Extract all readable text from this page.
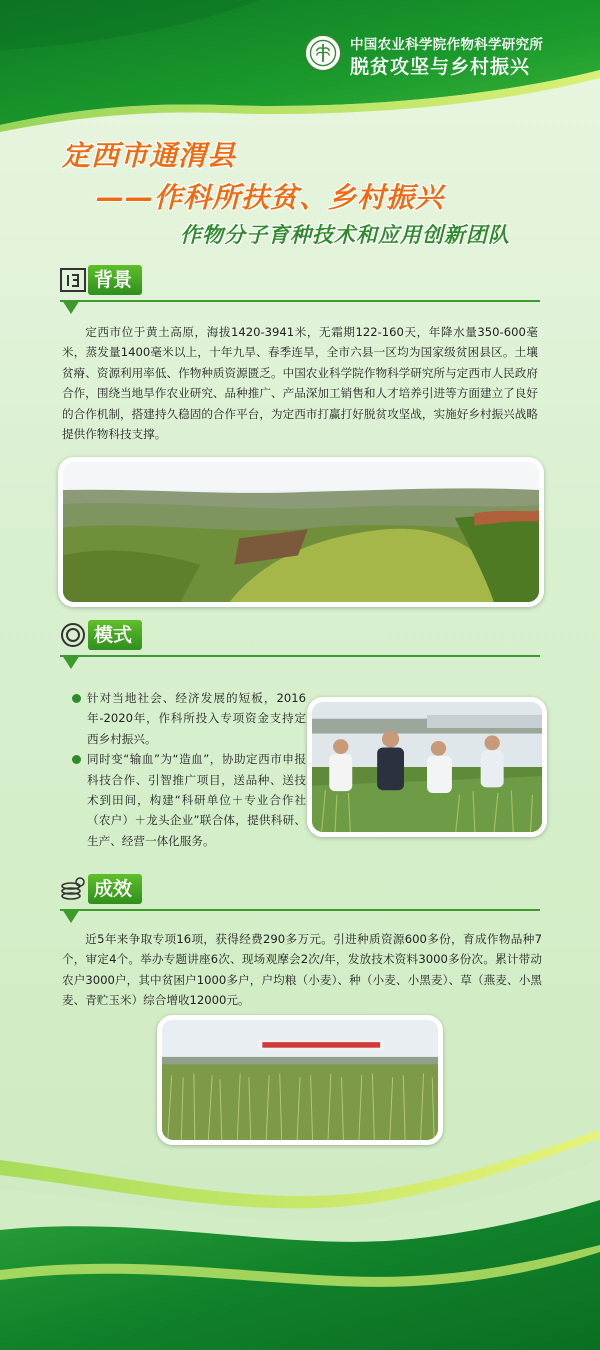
中国农业科学院作物科学研究所
脱贫攻坚与乡村振兴
定西市通渭县
——作科所扶贫、乡村振兴
作物分子育种技术和应用创新团队
背景

定西市位于黄土高原，海拔1420-3941米，无霜期122-160天，年降水量350-600毫米，蒸发量1400毫米以上，十年九旱、春季连旱，全市六县一区均为国家级贫困县区。土壤贫瘠、资源利用率低、作物种质资源匮乏。中国农业科学院作物科学研究所与定西市人民政府合作，围绕当地旱作农业研究、品种推广、产品深加工销售和人才培养引进等方面建立了良好的合作机制，搭建持久稳固的合作平台，为定西市打赢打好脱贫攻坚战，实施好乡村振兴战略提供作物科技支撑。

模式
针对当地社会、经济发展的短板，2016年-2020年，作科所投入专项资金支持定西乡村振兴。
同时变“输血”为“造血”，协助定西市申报科技合作、引智推广项目，送品种、送技术到田间，构建“科研单位＋专业合作社（农户）＋龙头企业”联合体，提供科研、生产、经营一体化服务。
成效

近5年来争取专项16项，获得经费290多万元。引进种质资源600多份，育成作物品种7个，审定4个。举办专题讲座6次、现场观摩会2次/年，发放技术资料3000多份次。累计带动农户3000户，其中贫困户1000多户，户均粮（小麦）、种（小麦、小黑麦）、草（燕麦、小黑麦、青贮玉米）综合增收12000元。
